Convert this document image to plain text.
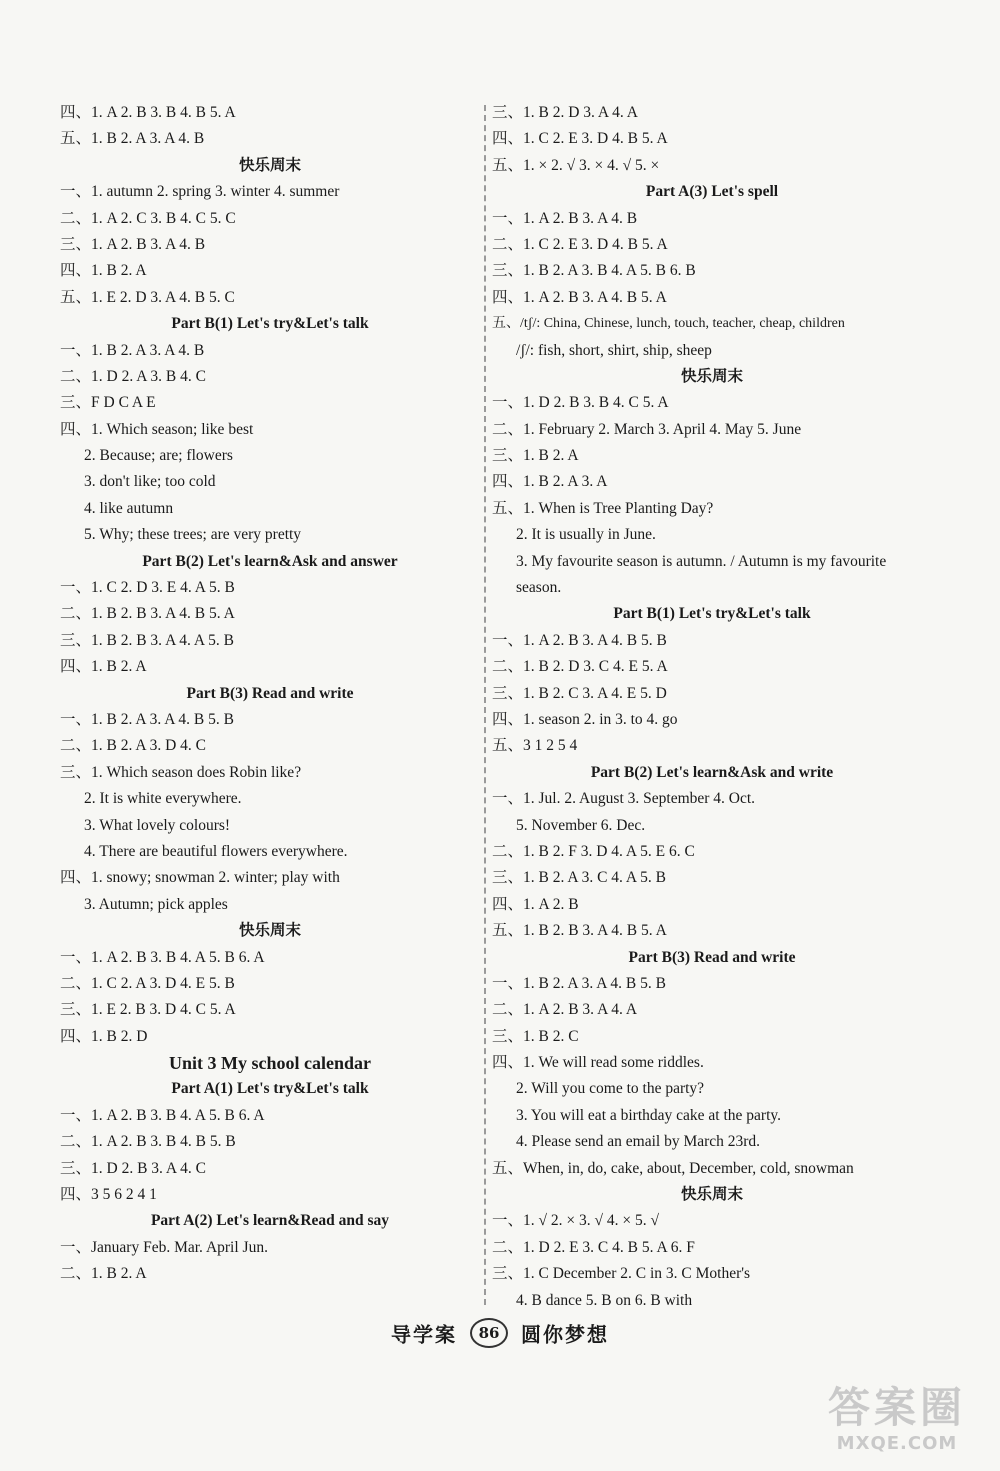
四、1. A 2. B 3. B 4. B 5. A
五、1. B 2. A 3. A 4. B
快乐周末
一、1. autumn 2. spring 3. winter 4. summer
二、1. A 2. C 3. B 4. C 5. C
三、1. A 2. B 3. A 4. B
四、1. B 2. A
五、1. E 2. D 3. A 4. B 5. C
Part B(1) Let's try&Let's talk
一、1. B 2. A 3. A 4. B
二、1. D 2. A 3. B 4. C
三、F D C A E
四、1. Which season; like best
2. Because; are; flowers
3. don't like; too cold
4. like autumn
5. Why; these trees; are very pretty
Part B(2) Let's learn&Ask and answer
一、1. C 2. D 3. E 4. A 5. B
二、1. B 2. B 3. A 4. B 5. A
三、1. B 2. B 3. A 4. A 5. B
四、1. B 2. A
Part B(3) Read and write
一、1. B 2. A 3. A 4. B 5. B
二、1. B 2. A 3. D 4. C
三、1. Which season does Robin like?
2. It is white everywhere.
3. What lovely colours!
4. There are beautiful flowers everywhere.
四、1. snowy; snowman 2. winter; play with
3. Autumn; pick apples
快乐周末
一、1. A 2. B 3. B 4. A 5. B 6. A
二、1. C 2. A 3. D 4. E 5. B
三、1. E 2. B 3. D 4. C 5. A
四、1. B 2. D
Unit 3 My school calendar
Part A(1) Let's try&Let's talk
一、1. A 2. B 3. B 4. A 5. B 6. A
二、1. A 2. B 3. B 4. B 5. B
三、1. D 2. B 3. A 4. C
四、3 5 6 2 4 1
Part A(2) Let's learn&Read and say
一、January Feb. Mar. April Jun.
二、1. B 2. A
三、1. B 2. D 3. A 4. A
四、1. C 2. E 3. D 4. B 5. A
五、1. × 2. √ 3. × 4. √ 5. ×
Part A(3) Let's spell
一、1. A 2. B 3. A 4. B
二、1. C 2. E 3. D 4. B 5. A
三、1. B 2. A 3. B 4. A 5. B 6. B
四、1. A 2. B 3. A 4. B 5. A
五、/tʃ/: China, Chinese, lunch, touch, teacher, cheap, children
/ʃ/: fish, short, shirt, ship, sheep
快乐周末
一、1. D 2. B 3. B 4. C 5. A
二、1. February 2. March 3. April 4. May 5. June
三、1. B 2. A
四、1. B 2. A 3. A
五、1. When is Tree Planting Day?
2. It is usually in June.
3. My favourite season is autumn. / Autumn is my favourite
season.
Part B(1) Let's try&Let's talk
一、1. A 2. B 3. A 4. B 5. B
二、1. B 2. D 3. C 4. E 5. A
三、1. B 2. C 3. A 4. E 5. D
四、1. season 2. in 3. to 4. go
五、3 1 2 5 4
Part B(2) Let's learn&Ask and write
一、1. Jul. 2. August 3. September 4. Oct.
5. November 6. Dec.
二、1. B 2. F 3. D 4. A 5. E 6. C
三、1. B 2. A 3. C 4. A 5. B
四、1. A 2. B
五、1. B 2. B 3. A 4. B 5. A
Part B(3) Read and write
一、1. B 2. A 3. A 4. B 5. B
二、1. A 2. B 3. A 4. A
三、1. B 2. C
四、1. We will read some riddles.
2. Will you come to the party?
3. You will eat a birthday cake at the party.
4. Please send an email by March 23rd.
五、When, in, do, cake, about, December, cold, snowman
快乐周末
一、1. √ 2. × 3. √ 4. × 5. √
二、1. D 2. E 3. C 4. B 5. A 6. F
三、1. C December 2. C in 3. C Mother's
4. B dance 5. B on 6. B with
导学案 86 圆你梦想
答案圈
MXQE.COM
